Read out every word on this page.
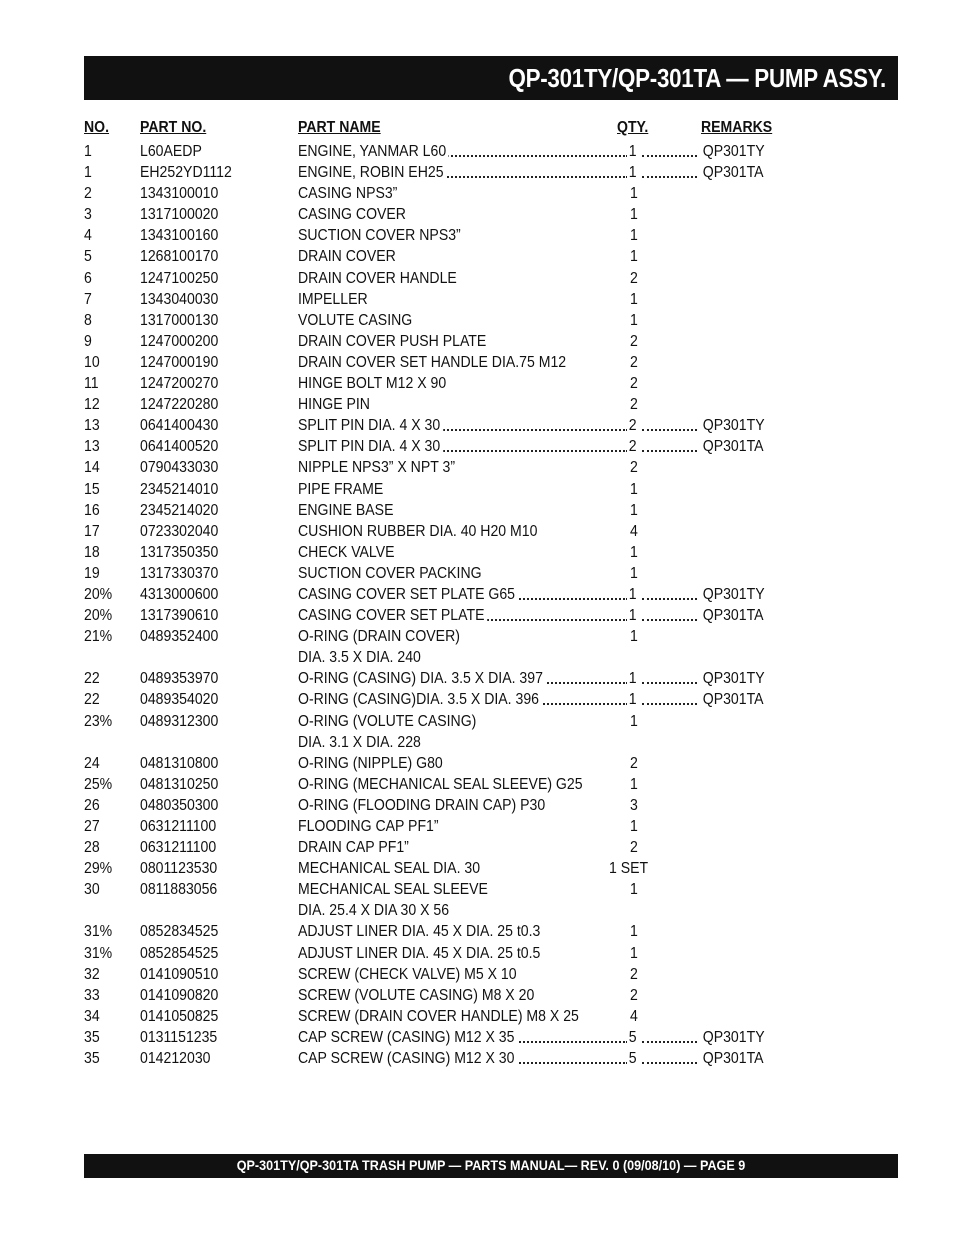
QP-301TY/QP-301TA — PUMP ASSY.
NO. PART NO.	PART NAME	QTY.	REMARKS
1	L60AEDP	ENGINE, YANMAR L60	1	QP301TY
1	EH252YD1112	ENGINE, ROBIN EH25	1	QP301TA
2	1343100010	CASING NPS3”	1
3	1317100020	CASING COVER	1
4	1343100160	SUCTION COVER NPS3”	1
5	1268100170	DRAIN COVER	1
6	1247100250	DRAIN COVER HANDLE	2
7	1343040030	IMPELLER	1
8	1317000130	VOLUTE CASING	1
9	1247000200	DRAIN COVER PUSH PLATE	2
10	1247000190	DRAIN COVER SET HANDLE DIA.75 M12	2
11	1247200270	HINGE BOLT M12 X 90	2
12	1247220280	HINGE PIN	2
13	0641400430	SPLIT PIN DIA. 4 X 30	2	QP301TY
13	0641400520	SPLIT PIN DIA. 4 X 30	2	QP301TA
14	0790433030	NIPPLE NPS3” X NPT 3”	2
15	2345214010	PIPE FRAME	1
16	2345214020	ENGINE BASE	1
17	0723302040	CUSHION RUBBER DIA. 40 H20 M10	4
18	1317350350	CHECK VALVE	1
19	1317330370	SUCTION COVER PACKING	1
20% 4313000600	CASING COVER SET PLATE G65	1	QP301TY
20% 1317390610	CASING COVER SET PLATE	1	QP301TA
21% 0489352400	O-RING (DRAIN COVER)	1
DIA. 3.5 X DIA. 240
22	0489353970	O-RING (CASING) DIA. 3.5 X DIA. 397	1	QP301TY
22	0489354020	O-RING (CASING)DIA. 3.5 X DIA. 396	1	QP301TA
23% 0489312300	O-RING (VOLUTE CASING)	1
DIA. 3.1 X DIA. 228
24	0481310800	O-RING (NIPPLE) G80	2
25% 0481310250	O-RING (MECHANICAL SEAL SLEEVE) G25	1
26	0480350300	O-RING (FLOODING DRAIN CAP) P30	3
27	0631211100	FLOODING CAP PF1”	1
28	0631211100	DRAIN CAP PF1”	2
29% 0801123530	MECHANICAL SEAL DIA. 30	1 SET
30	0811883056	MECHANICAL SEAL SLEEVE	1
DIA. 25.4 X DIA 30 X 56
31% 0852834525	ADJUST LINER DIA. 45 X DIA. 25 t0.3	1
31% 0852854525	ADJUST LINER DIA. 45 X DIA. 25 t0.5	1
32	0141090510	SCREW (CHECK VALVE) M5 X 10	2
33	0141090820	SCREW (VOLUTE CASING) M8 X 20	2
34	0141050825	SCREW (DRAIN COVER HANDLE) M8 X 25	4
35	0131151235	CAP SCREW (CASING) M12 X 35	5	QP301TY
35	014212030	CAP SCREW (CASING) M12 X 30	5	QP301TA
QP-301TY/QP-301TA TRASH PUMP — PARTS MANUAL— REV. 0 (09/08/10) — PAGE 9
